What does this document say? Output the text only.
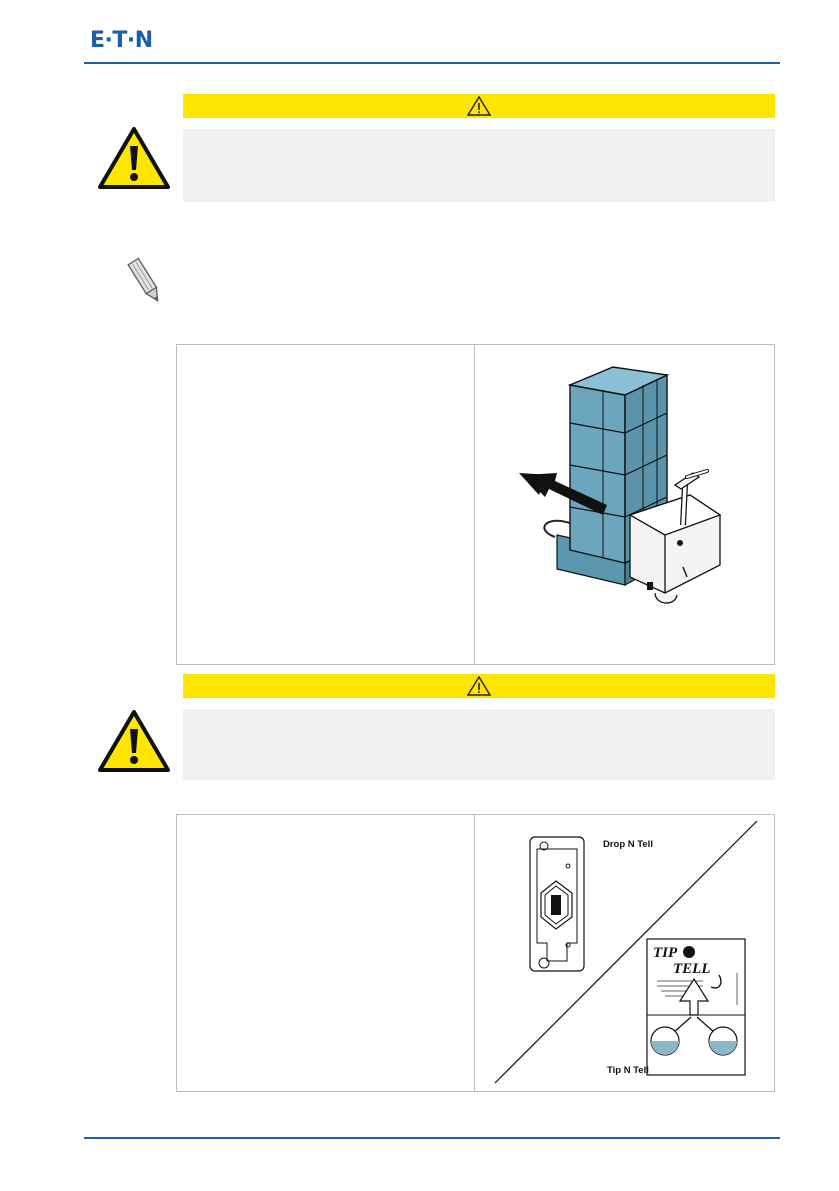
E·T·N
Drop N Tell
TIP
TELL
Tip N Tell
